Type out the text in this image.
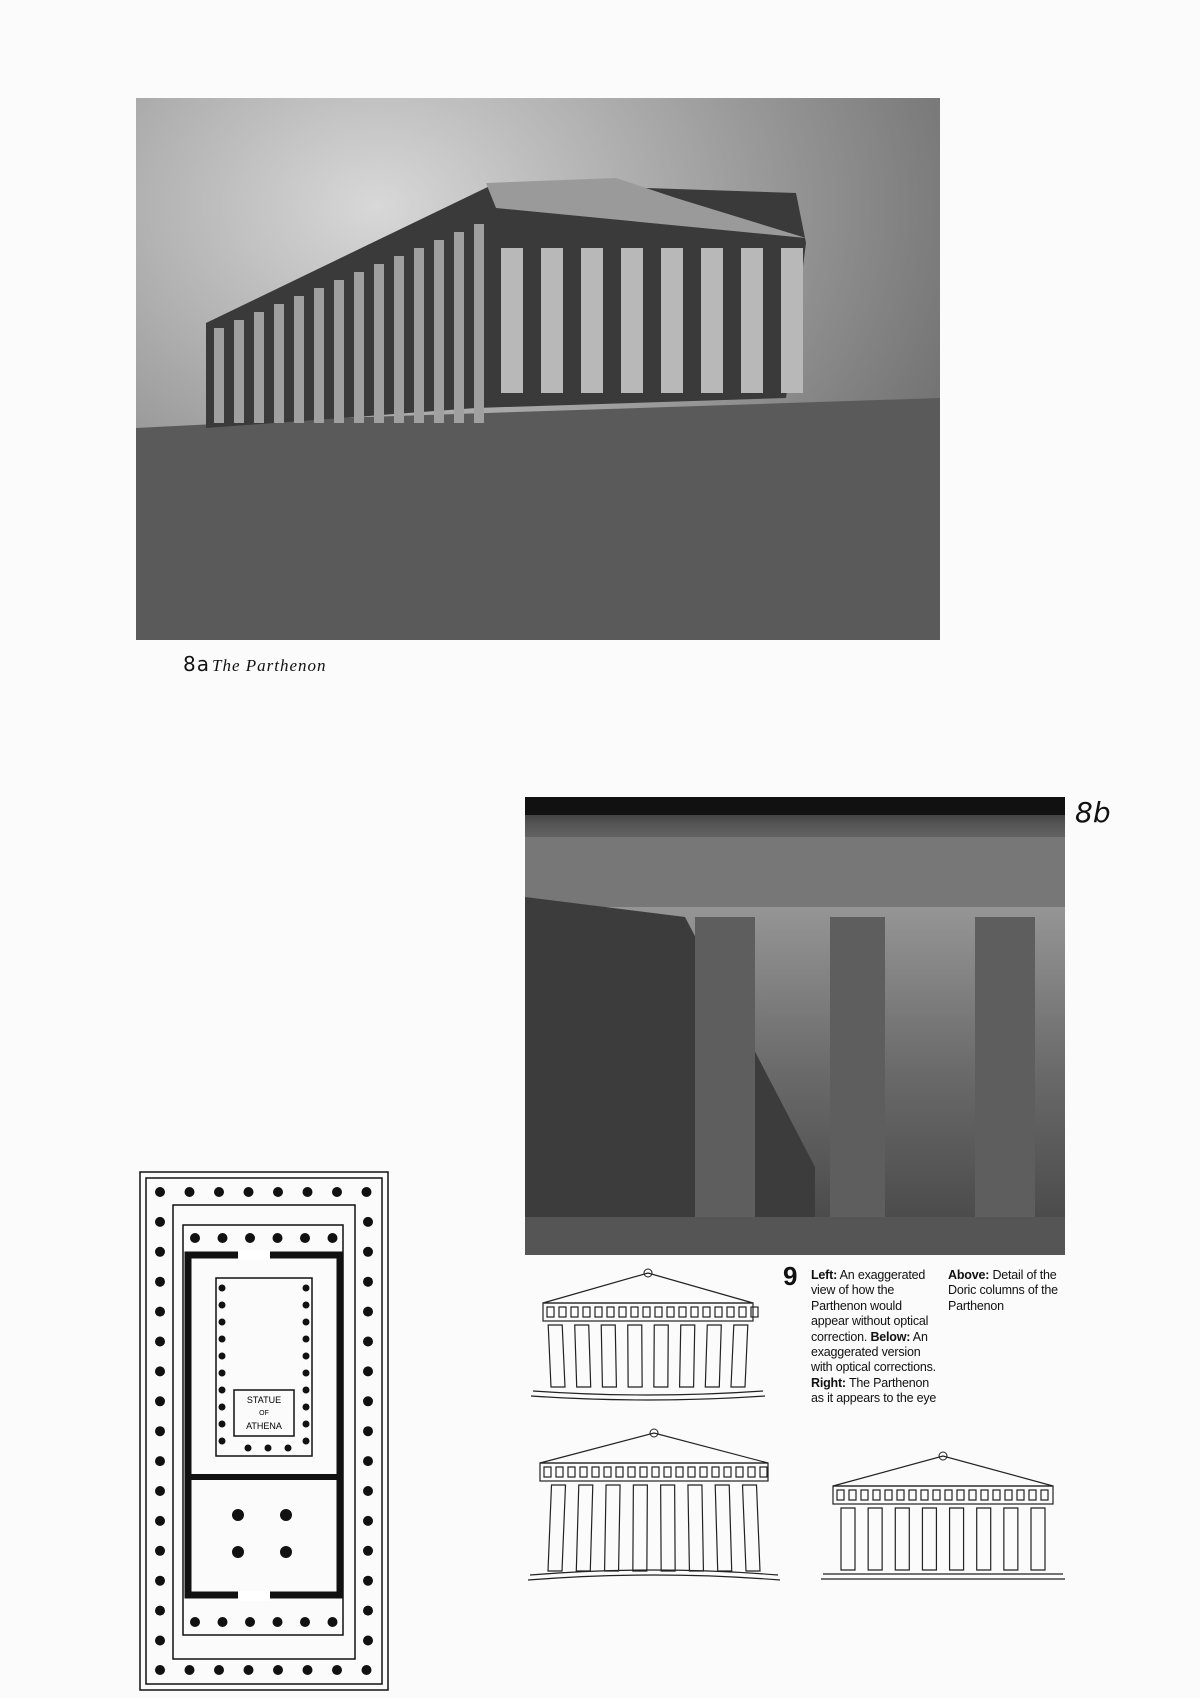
8a The Parthenon
8b
STATUE
OF
ATHENA
9 Left: An exaggerated view of how the Parthenon would appear without optical correction. Below: An exaggerated version with optical corrections. Right: The Parthenon as it appears to the eye
Above: Detail of the Doric columns of the Parthenon
